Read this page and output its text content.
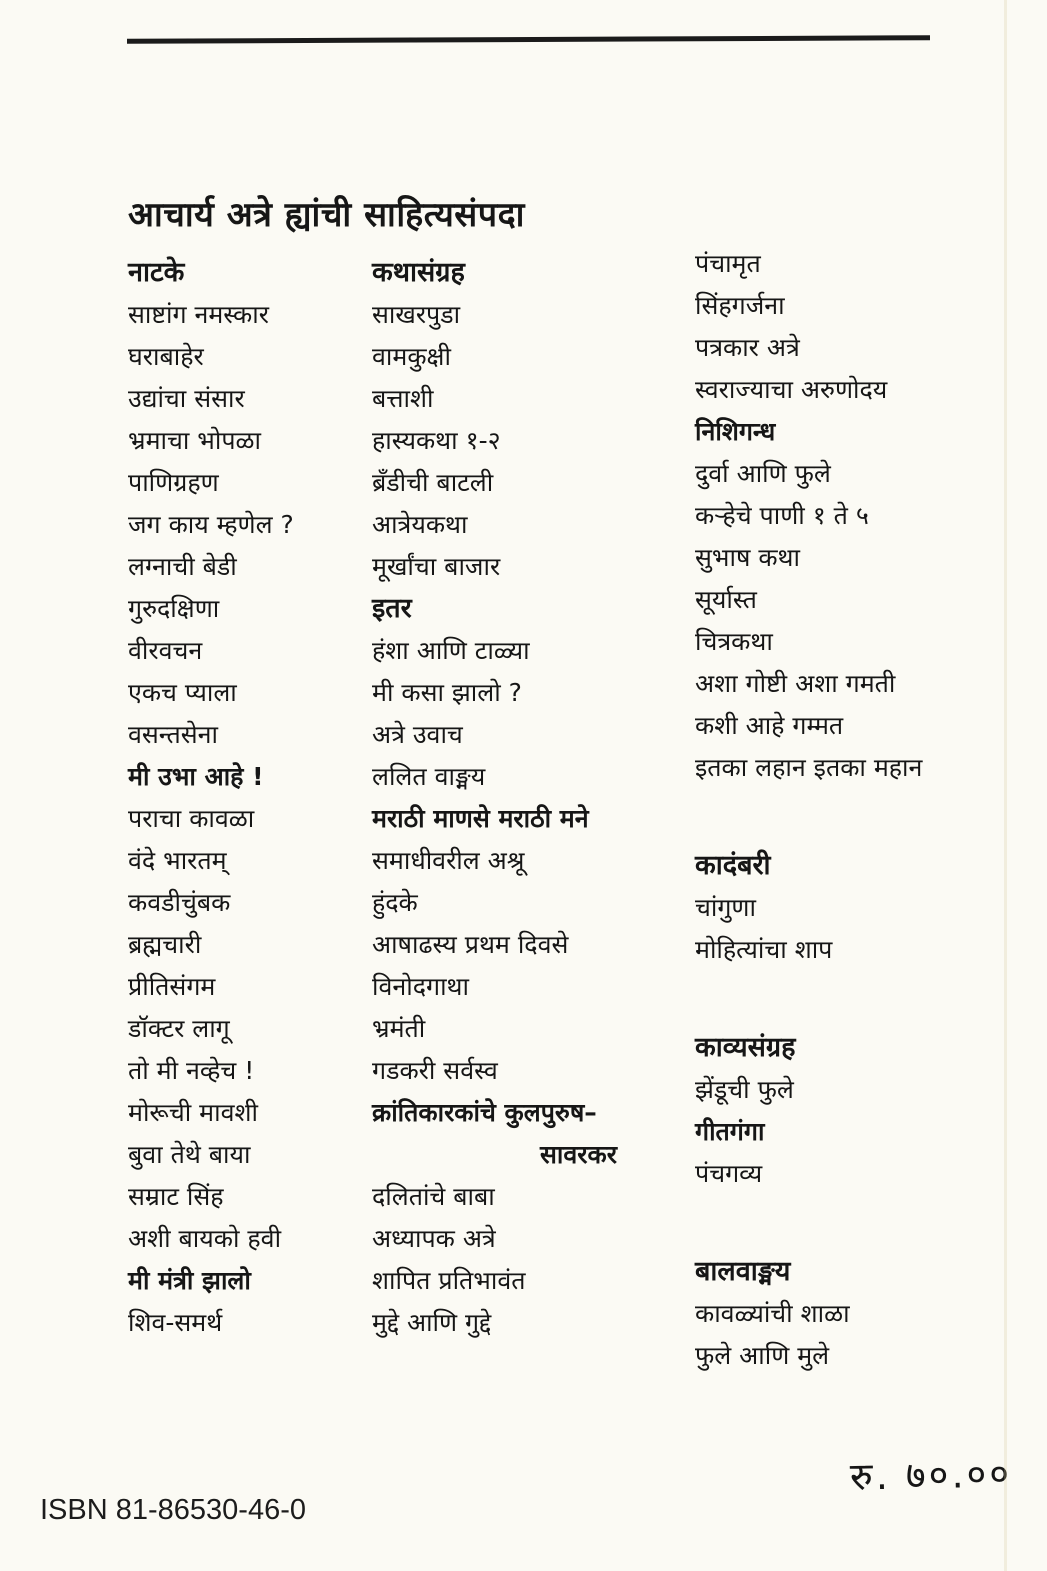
आचार्य अत्रे ह्यांची साहित्यसंपदा
नाटके
साष्टांग नमस्कार
घराबाहेर
उद्यांचा संसार
भ्रमाचा भोपळा
पाणिग्रहण
जग काय म्हणेल ?
लग्नाची बेडी
गुरुदक्षिणा
वीरवचन
एकच प्याला
वसन्तसेना
मी उभा आहे !
पराचा कावळा
वंदे भारतम्
कवडीचुंबक
ब्रह्मचारी
प्रीतिसंगम
डॉक्टर लागू
तो मी नव्हेच !
मोरूची मावशी
बुवा तेथे बाया
सम्राट सिंह
अशी बायको हवी
मी मंत्री झालो
शिव-समर्थ
कथासंग्रह
साखरपुडा
वामकुक्षी
बत्ताशी
हास्यकथा १-२
ब्रँडीची बाटली
आत्रेयकथा
मूर्खांचा बाजार
इतर
हंशा आणि टाळ्या
मी कसा झालो ?
अत्रे उवाच
ललित वाङ्मय
मराठी माणसे मराठी मने
समाधीवरील अश्रू
हुंदके
आषाढस्य प्रथम दिवसे
विनोदगाथा
भ्रमंती
गडकरी सर्वस्व
क्रांतिकारकांचे कुलपुरुष–
सावरकर
दलितांचे बाबा
अध्यापक अत्रे
शापित प्रतिभावंत
मुद्दे आणि गुद्दे
पंचामृत
सिंहगर्जना
पत्रकार अत्रे
स्वराज्याचा अरुणोदय
निशिगन्ध
दुर्वा आणि फुले
कऱ्हेचे पाणी १ ते ५
सुभाष कथा
सूर्यास्त
चित्रकथा
अशा गोष्टी अशा गमती
कशी आहे गम्मत
इतका लहान इतका महान
कादंबरी
चांगुणा
मोहित्यांचा शाप
काव्यसंग्रह
झेंडूची फुले
गीतगंगा
पंचगव्य
बालवाङ्मय
कावळ्यांची शाळा
फुले आणि मुले
रु. ७०.००
ISBN 81-86530-46-0
